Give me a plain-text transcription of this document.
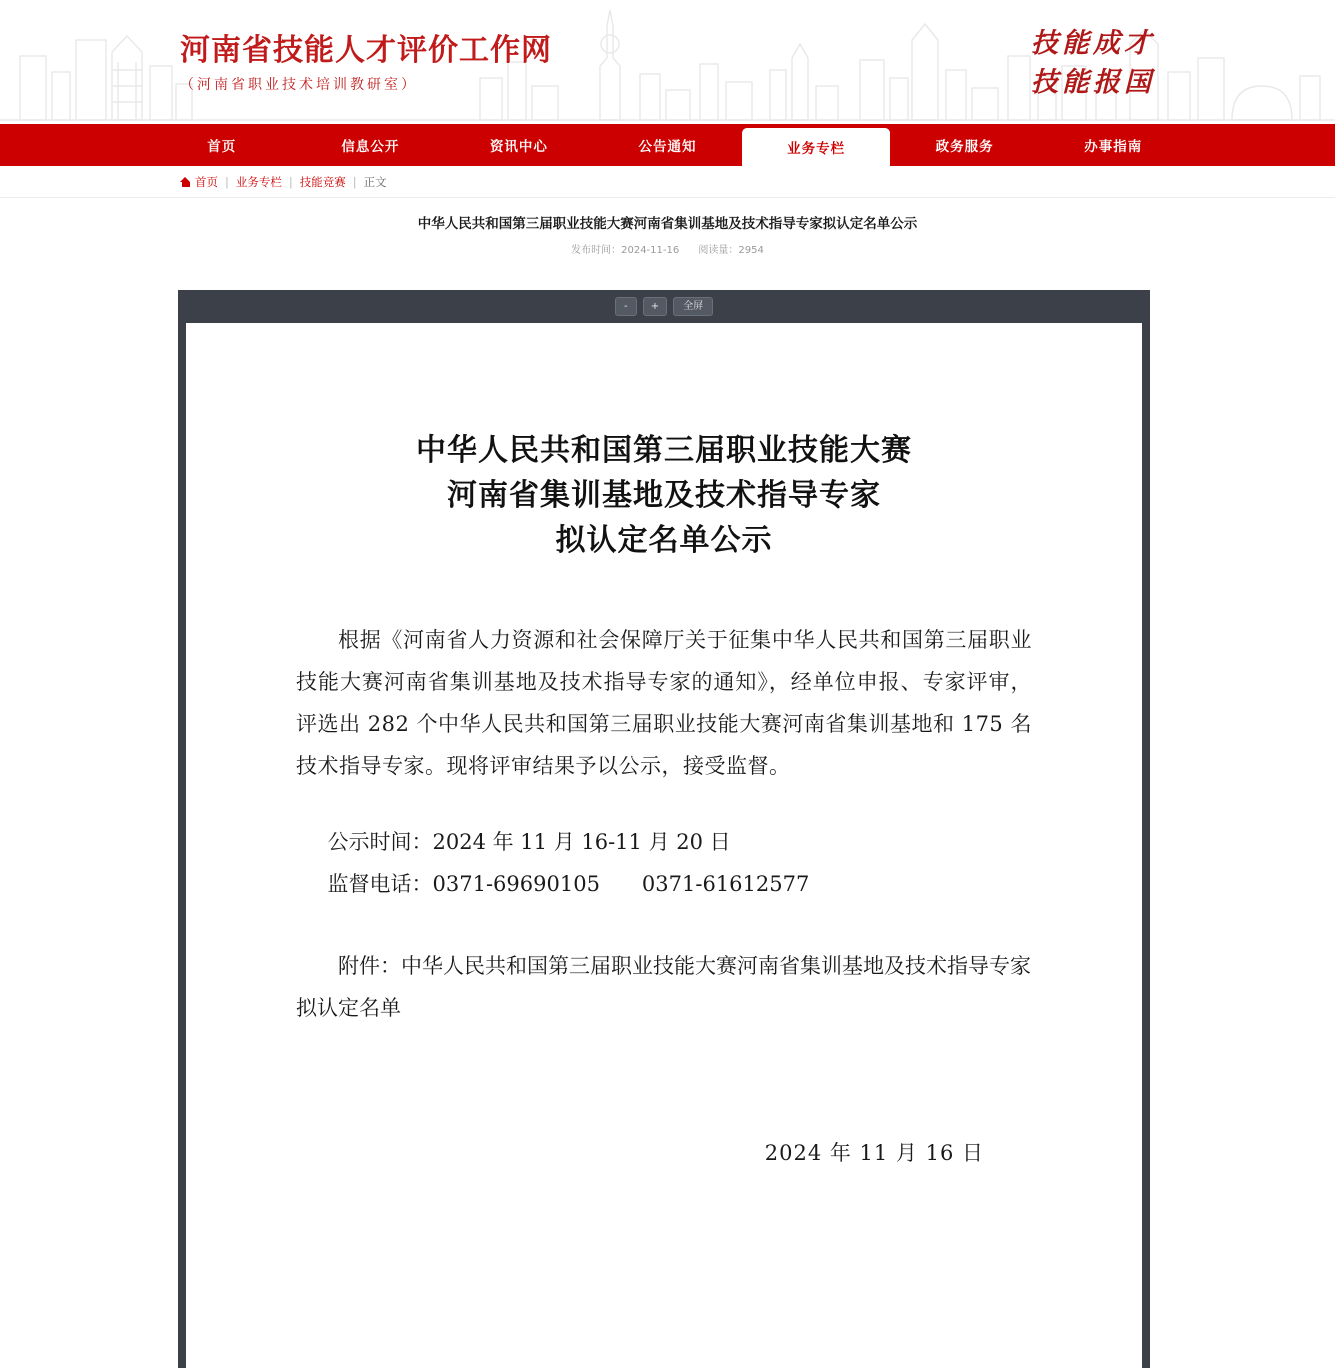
河南省技能人才评价工作网
（河南省职业技术培训教研室）
技能成才
技能报国
首页	信息公开	资讯中心	公告通知	业务专栏	政务服务	办事指南
首页 | 业务专栏 | 技能竞赛 | 正文
中华人民共和国第三届职业技能大赛河南省集训基地及技术指导专家拟认定名单公示
发布时间：2024-11-16 阅读量：2954
-	+	全屏
中华人民共和国第三届职业技能大赛
河南省集训基地及技术指导专家
拟认定名单公示

根据《河南省人力资源和社会保障厅关于征集中华人民共和国第三届职业技能大赛河南省集训基地及技术指导专家的通知》，经单位申报、专家评审，评选出 282 个中华人民共和国第三届职业技能大赛河南省集训基地和 175 名技术指导专家。现将评审结果予以公示，接受监督。

公示时间：2024 年 11 月 16-11 月 20 日
监督电话：0371-69690105　　0371-61612577
附件：中华人民共和国第三届职业技能大赛河南省集训基地及技术指导专家拟认定名单
2024 年 11 月 16 日
